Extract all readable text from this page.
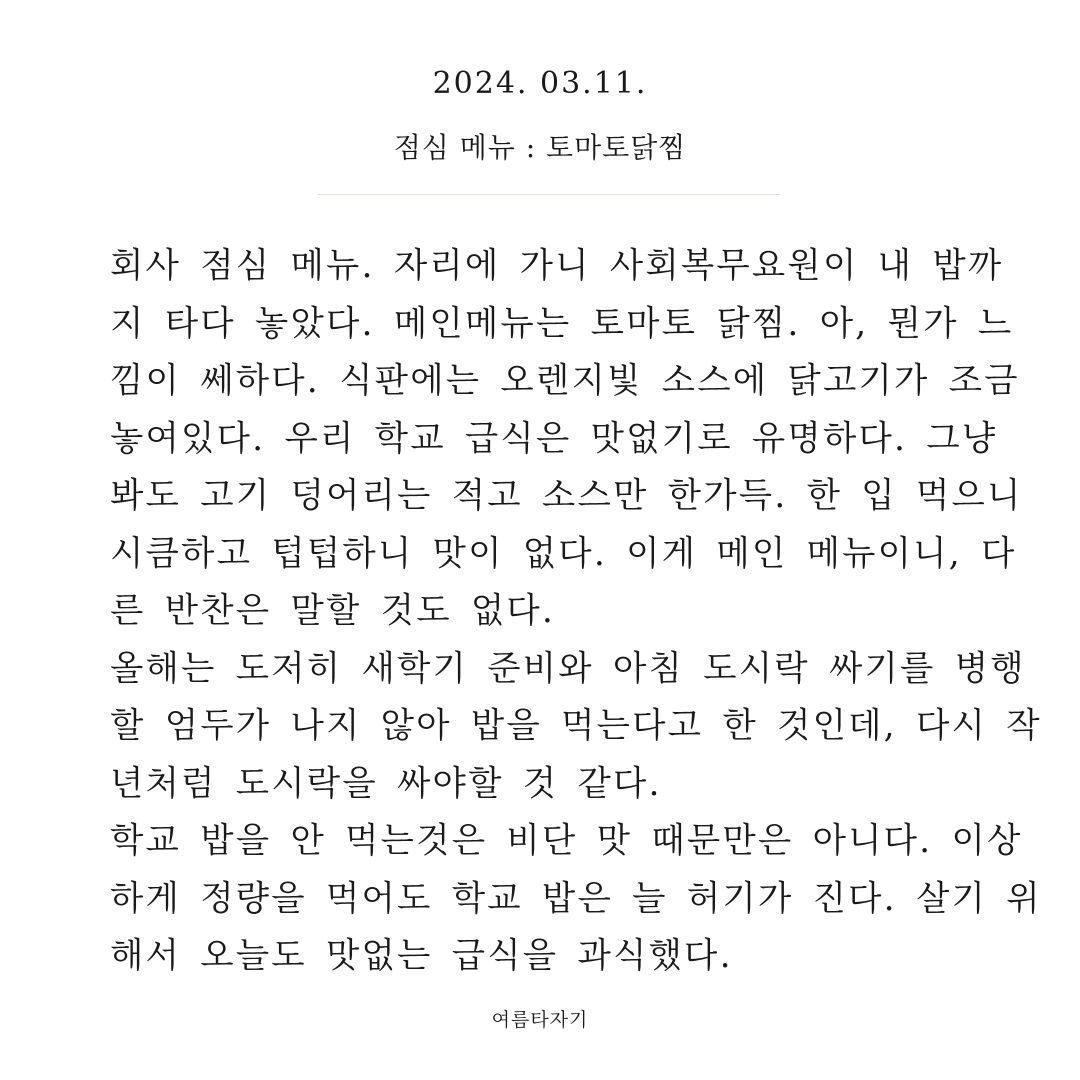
2024. 03.11.
점심 메뉴 : 토마토닭찜
회사 점심 메뉴. 자리에 가니 사회복무요원이 내 밥까
지 타다 놓았다. 메인메뉴는 토마토 닭찜. 아, 뭔가 느
낌이 쎄하다. 식판에는 오렌지빛 소스에 닭고기가 조금
놓여있다. 우리 학교 급식은 맛없기로 유명하다. 그냥
봐도 고기 덩어리는 적고 소스만 한가득. 한 입 먹으니
시큼하고 텁텁하니 맛이 없다. 이게 메인 메뉴이니, 다
른 반찬은 말할 것도 없다.
올해는 도저히 새학기 준비와 아침 도시락 싸기를 병행
할 엄두가 나지 않아 밥을 먹는다고 한 것인데, 다시 작
년처럼 도시락을 싸야할 것 같다.
학교 밥을 안 먹는것은 비단 맛 때문만은 아니다. 이상
하게 정량을 먹어도 학교 밥은 늘 허기가 진다. 살기 위
해서 오늘도 맛없는 급식을 과식했다.
여름타자기
